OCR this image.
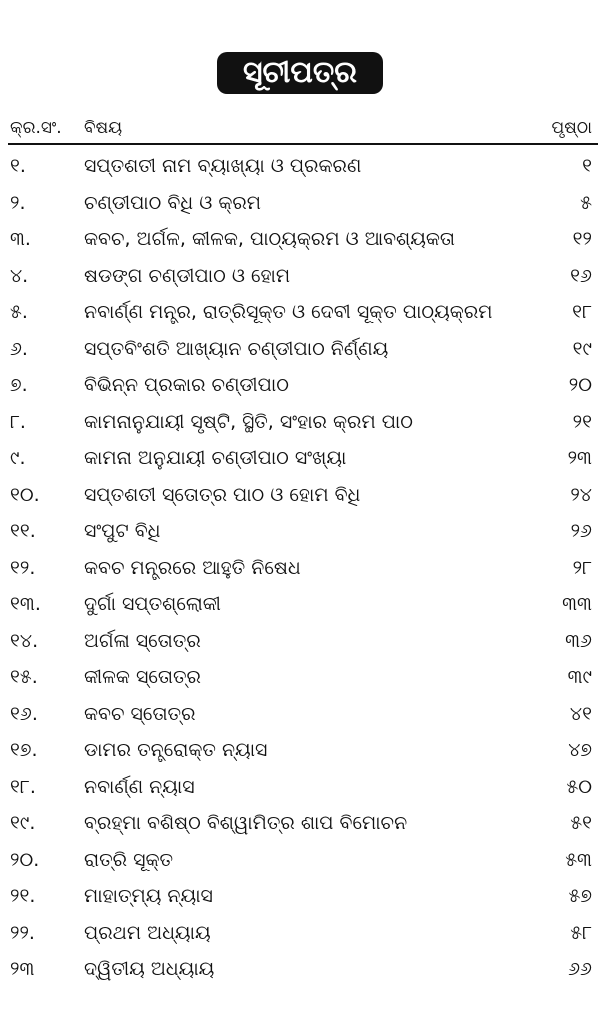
ସୂଚୀପତ୍ର
କ୍ର.ସଂ. ବିଷୟ	ପୃଷ୍ଠା
୧.	ସପ୍ତଶତୀ ନାମ ବ୍ୟାଖ୍ୟା ଓ ପ୍ରକରଣ	୧
୨.	ଚଣ୍ଡୀପାଠ ବିଧି ଓ କ୍ରମ	୫
୩.	କବଚ, ଅର୍ଗଳ, କୀଳକ, ପାଠ୍ୟକ୍ରମ ଓ ଆବଶ୍ୟକତା	୧୨
୪.	ଷଡଙ୍ଗ ଚଣ୍ଡୀପାଠ ଓ ହୋମ	୧୬
୫.	ନବାର୍ଣ୍ଣ ମନ୍ତ୍ର, ରାତ୍ରିସୂକ୍ତ ଓ ଦେବୀ ସୂକ୍ତ ପାଠ୍ୟକ୍ରମ	୧୮
୬.	ସପ୍ତବିଂଶତି ଆଖ୍ୟାନ ଚଣ୍ଡୀପାଠ ନିର୍ଣ୍ଣୟ	୧୯
୭.	ବିଭିନ୍ନ ପ୍ରକାର ଚଣ୍ଡୀପାଠ	୨୦
୮.	କାମନାନୁଯାୟୀ ସୃଷ୍ଟି, ସ୍ଥିତି, ସଂହାର କ୍ରମ ପାଠ	୨୧
୯.	କାମନା ଅନୁଯାୟୀ ଚଣ୍ଡୀପାଠ ସଂଖ୍ୟା	୨୩
୧୦.	ସପ୍ତଶତୀ ସ୍ତୋତ୍ର ପାଠ ଓ ହୋମ ବିଧି	୨୪
୧୧.	ସଂପୁଟ ବିଧି	୨୬
୧୨.	କବଚ ମନ୍ତ୍ରରେ ଆହୁତି ନିଷେଧ	୨୮
୧୩.	ଦୁର୍ଗା ସପ୍ତଶ୍ଲୋକୀ	୩୩
୧୪.	ଅର୍ଗଳା ସ୍ତୋତ୍ର	୩୬
୧୫.	କୀଳକ ସ୍ତୋତ୍ର	୩୯
୧୬.	କବଚ ସ୍ତୋତ୍ର	୪୧
୧୭.	ଡାମର ତନ୍ତ୍ରୋକ୍ତ ନ୍ୟାସ	୪୭
୧୮.	ନବାର୍ଣ୍ଣ ନ୍ୟାସ	୫୦
୧୯.	ବ୍ରହ୍ମା ବଶିଷ୍ଠ ବିଶ୍ୱାମିତ୍ର ଶାପ ବିମୋଚନ	୫୧
୨୦.	ରାତ୍ରି ସୂକ୍ତ	୫୩
୨୧.	ମାହାତ୍ମ୍ୟ ନ୍ୟାସ	୫୭
୨୨.	ପ୍ରଥମ ଅଧ୍ୟାୟ	୫୮
୨୩	ଦ୍ୱିତୀୟ ଅଧ୍ୟାୟ	୬୬
